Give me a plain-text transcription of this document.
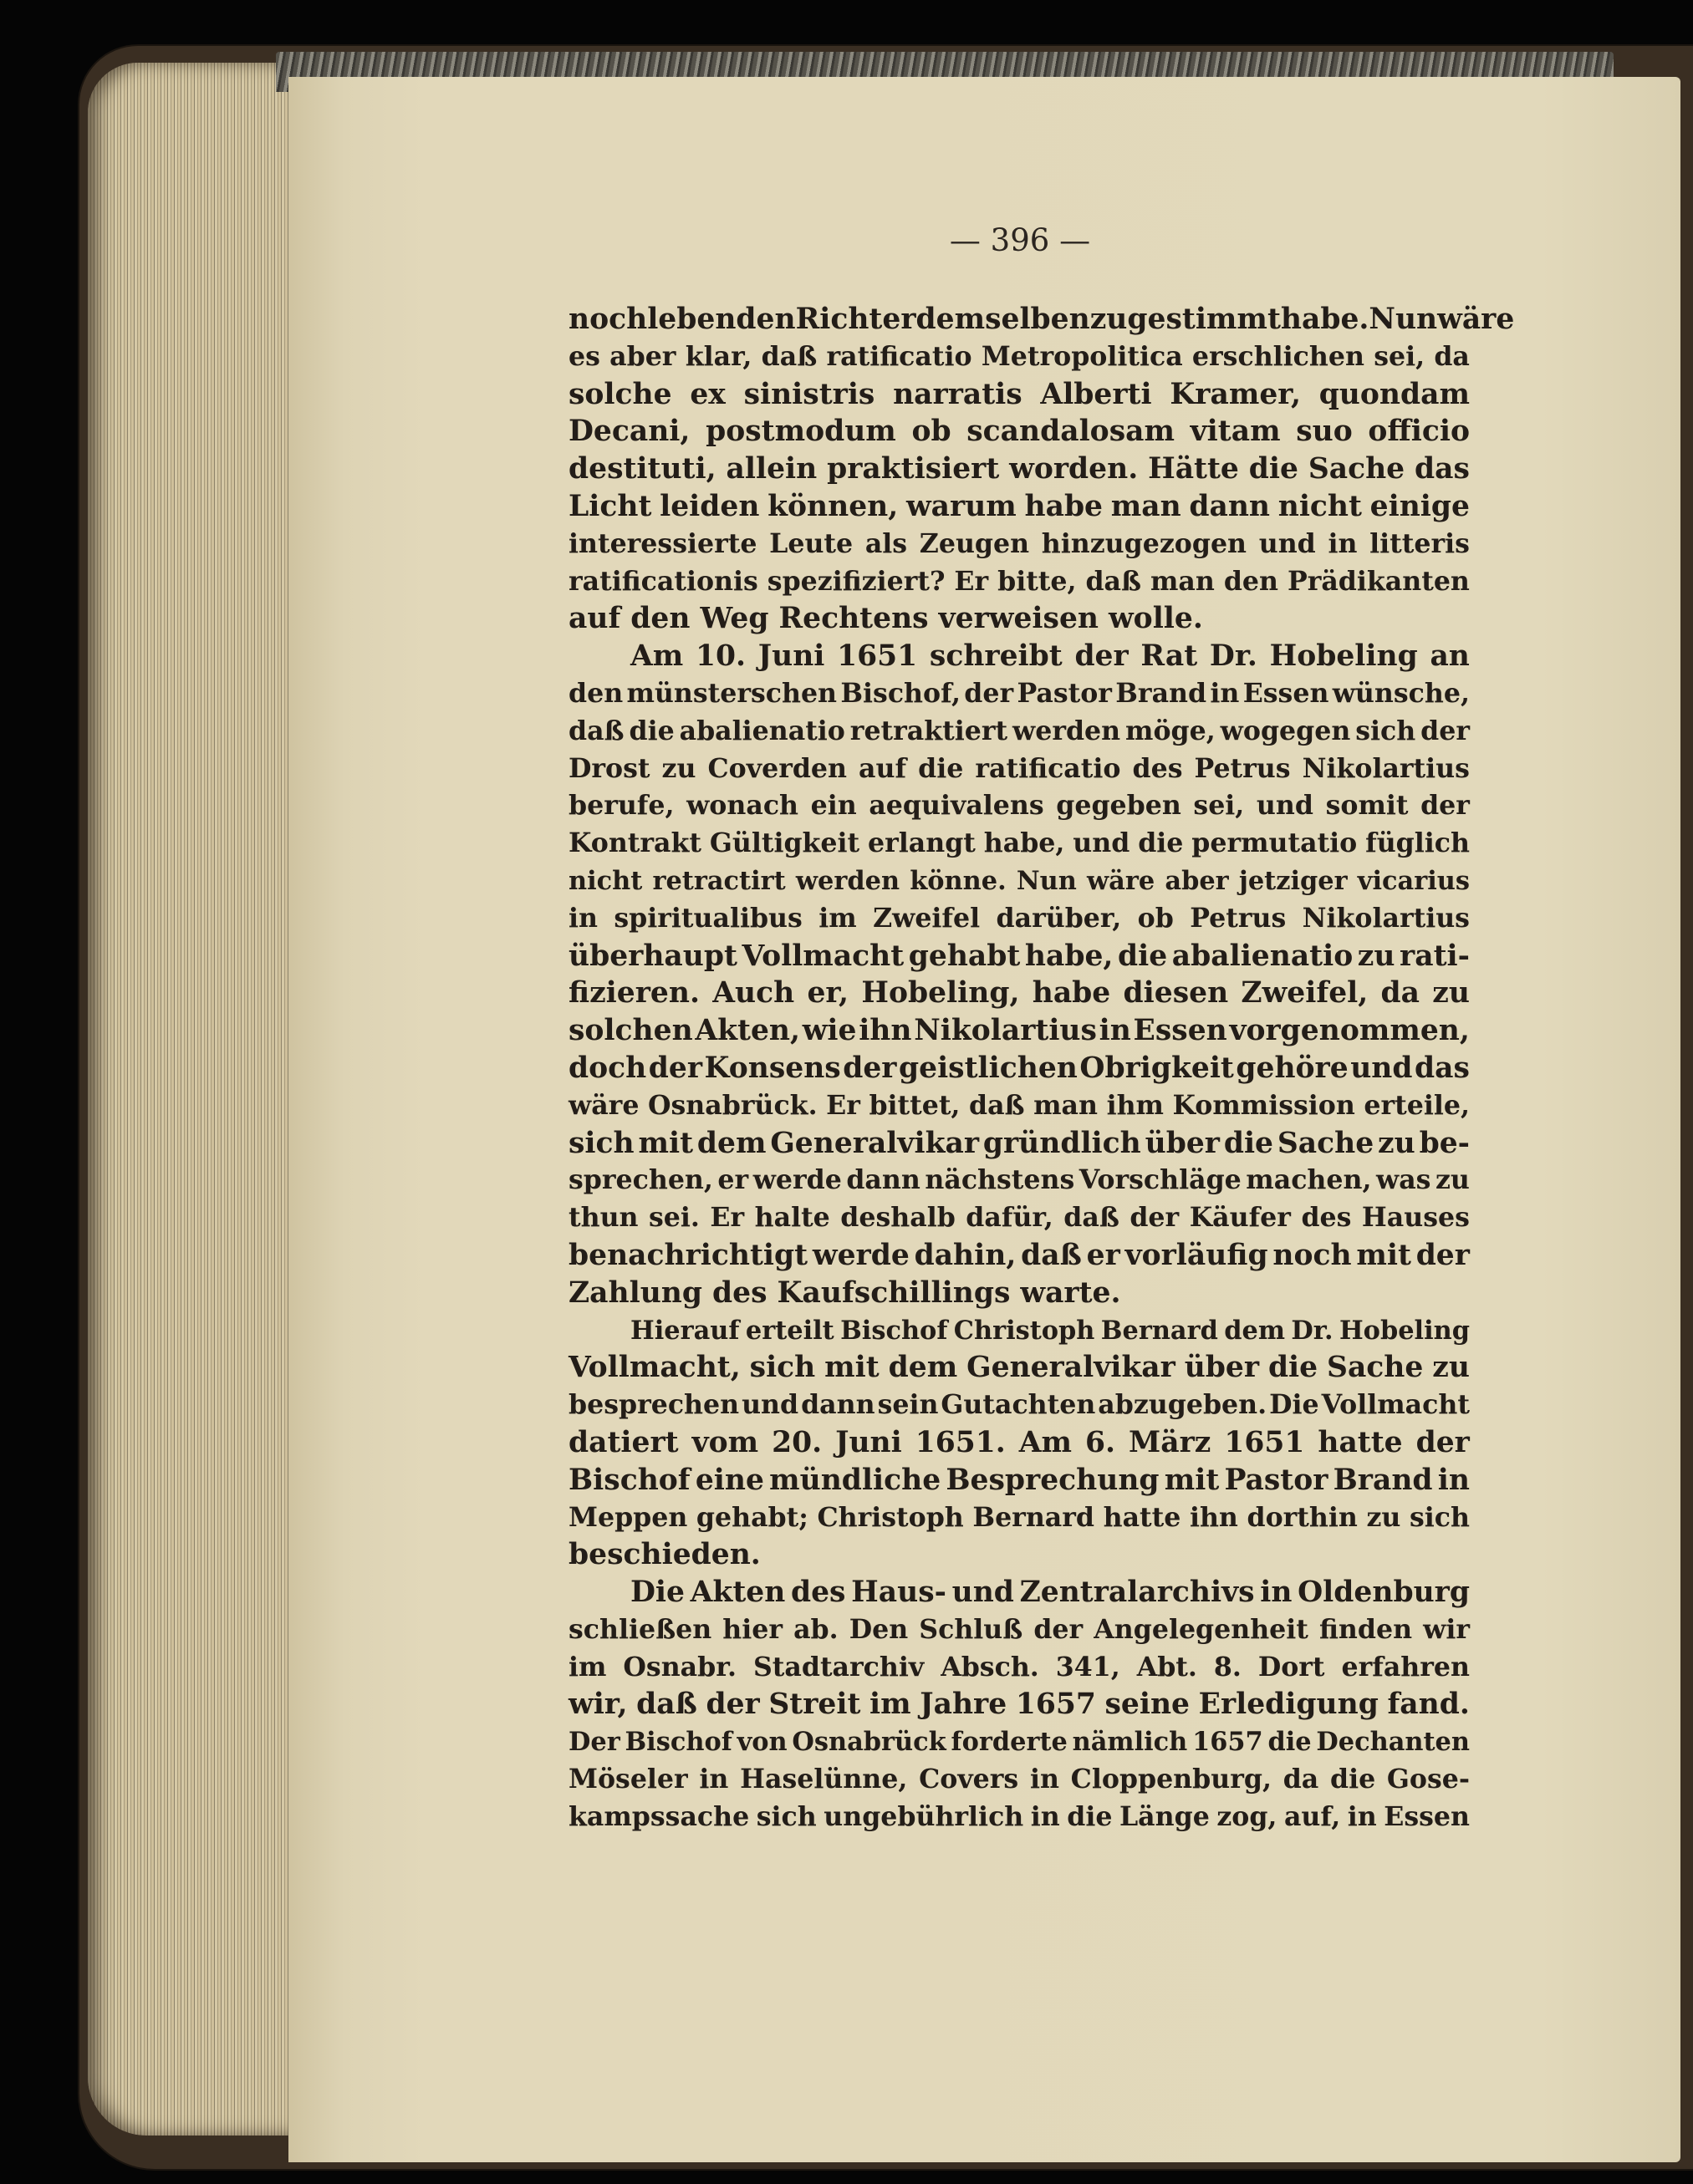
— 396 —
noch lebenden Richter demselben zugestimmt habe. Nun wäre
es aber klar, daß ratificatio Metropolitica erschlichen sei, da
solche ex sinistris narratis Alberti Kramer, quondam
Decani, postmodum ob scandalosam vitam suo officio
destituti, allein praktisiert worden. Hätte die Sache das
Licht leiden können, warum habe man dann nicht einige
interessierte Leute als Zeugen hinzugezogen und in litteris
ratificationis spezifiziert? Er bitte, daß man den Prädikanten
auf den Weg Rechtens verweisen wolle.
Am 10. Juni 1651 schreibt der Rat Dr. Hobeling an
den münsterschen Bischof, der Pastor Brand in Essen wünsche,
daß die abalienatio retraktiert werden möge, wogegen sich der
Drost zu Coverden auf die ratificatio des Petrus Nikolartius
berufe, wonach ein aequivalens gegeben sei, und somit der
Kontrakt Gültigkeit erlangt habe, und die permutatio füglich
nicht retractirt werden könne. Nun wäre aber jetziger vicarius
in spiritualibus im Zweifel darüber, ob Petrus Nikolartius
überhaupt Vollmacht gehabt habe, die abalienatio zu rati-
fizieren. Auch er, Hobeling, habe diesen Zweifel, da zu
solchen Akten, wie ihn Nikolartius in Essen vorgenommen,
doch der Konsens der geistlichen Obrigkeit gehöre und das
wäre Osnabrück. Er bittet, daß man ihm Kommission erteile,
sich mit dem Generalvikar gründlich über die Sache zu be-
sprechen, er werde dann nächstens Vorschläge machen, was zu
thun sei. Er halte deshalb dafür, daß der Käufer des Hauses
benachrichtigt werde dahin, daß er vorläufig noch mit der
Zahlung des Kaufschillings warte.
Hierauf erteilt Bischof Christoph Bernard dem Dr. Hobeling
Vollmacht, sich mit dem Generalvikar über die Sache zu
besprechen und dann sein Gutachten abzugeben. Die Vollmacht
datiert vom 20. Juni 1651. Am 6. März 1651 hatte der
Bischof eine mündliche Besprechung mit Pastor Brand in
Meppen gehabt; Christoph Bernard hatte ihn dorthin zu sich
beschieden.
Die Akten des Haus- und Zentralarchivs in Oldenburg
schließen hier ab. Den Schluß der Angelegenheit finden wir
im Osnabr. Stadtarchiv Absch. 341, Abt. 8. Dort erfahren
wir, daß der Streit im Jahre 1657 seine Erledigung fand.
Der Bischof von Osnabrück forderte nämlich 1657 die Dechanten
Möseler in Haselünne, Covers in Cloppenburg, da die Gose-
kampssache sich ungebührlich in die Länge zog, auf, in Essen
